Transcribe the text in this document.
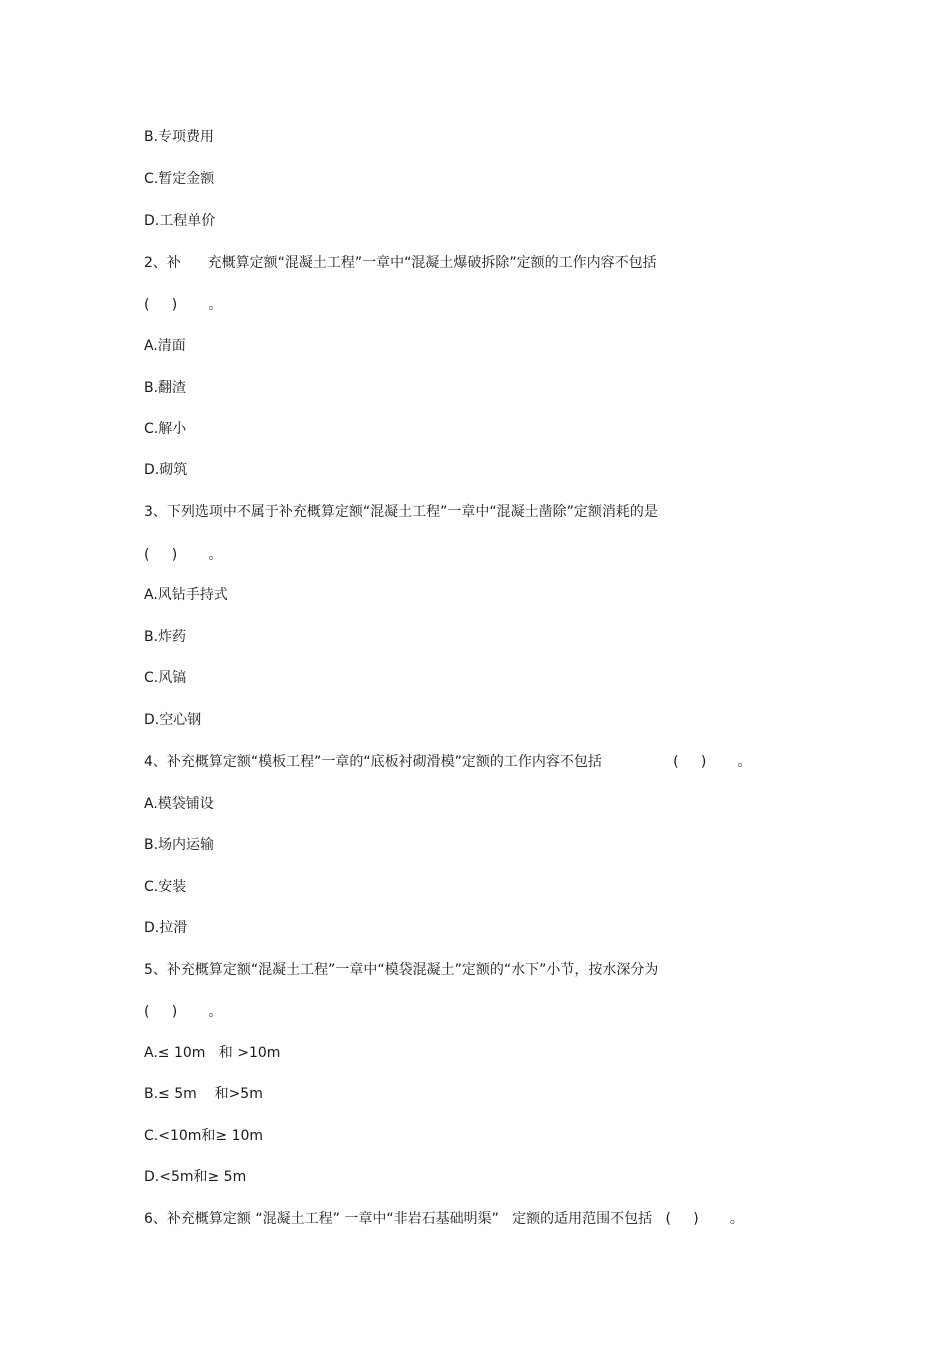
B.专项费用
C.暂定金额
D.工程单价
2、补      充概算定额“混凝土工程”一章中“混凝土爆破拆除”定额的工作内容不包括
(     )       。
A.清面
B.翻渣
C.解小
D.砌筑
3、下列选项中不属于补充概算定额“混凝土工程”一章中“混凝土凿除”定额消耗的是
(     )       。
A.风钻手持式
B.炸药
C.风镐
D.空心钢
4、补充概算定额“模板工程”一章的“底板衬砌滑模”定额的工作内容不包括                (     )       。
A.模袋铺设
B.场内运输
C.安装
D.拉滑
5、补充概算定额“混凝土工程”一章中“模袋混凝土”定额的“水下”小节，按水深分为
(     )       。
A.≤ 10m   和 >10m
B.≤ 5m    和>5m
C.<10m和≥ 10m
D.<5m和≥ 5m
6、补充概算定额 “混凝土工程” 一章中“非岩石基础明渠”   定额的适用范围不包括   (     )       。
